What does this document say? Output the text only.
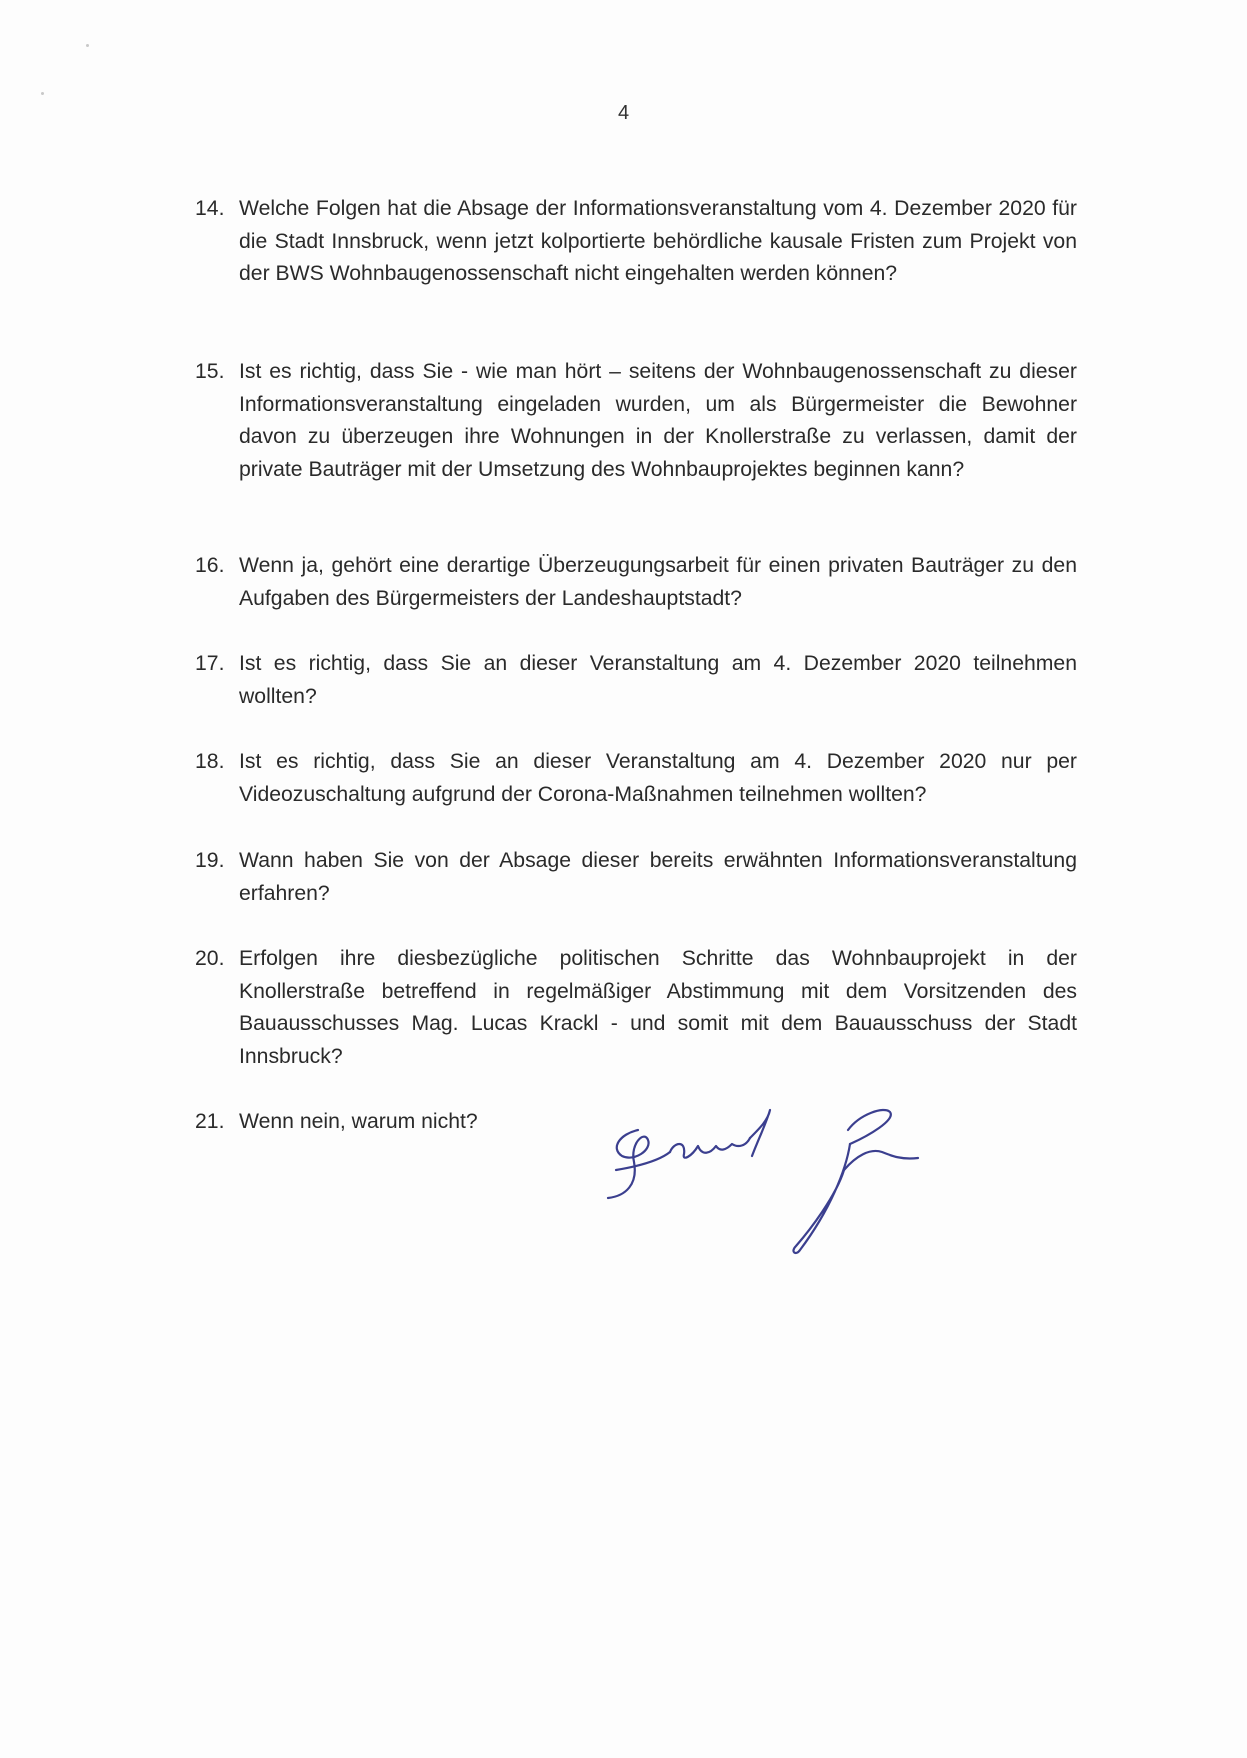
4
14. Welche Folgen hat die Absage der Informationsveranstaltung vom 4. Dezember 2020 für die Stadt Innsbruck, wenn jetzt kolportierte behördliche kausale Fristen zum Projekt von der BWS Wohnbaugenossenschaft nicht eingehalten werden können?
15. Ist es richtig, dass Sie - wie man hört – seitens der Wohnbaugenossenschaft zu dieser Informationsveranstaltung eingeladen wurden, um als Bürgermeister die Bewohner davon zu überzeugen ihre Wohnungen in der Knollerstraße zu verlassen, damit der private Bauträger mit der Umsetzung des Wohnbauprojektes beginnen kann?
16. Wenn ja, gehört eine derartige Überzeugungsarbeit für einen privaten Bauträger zu den Aufgaben des Bürgermeisters der Landeshauptstadt?
17. Ist es richtig, dass Sie an dieser Veranstaltung am 4. Dezember 2020 teilnehmen wollten?
18. Ist es richtig, dass Sie an dieser Veranstaltung am 4. Dezember 2020 nur per Videozuschaltung aufgrund der Corona-Maßnahmen teilnehmen wollten?
19. Wann haben Sie von der Absage dieser bereits erwähnten Informationsveranstaltung erfahren?
20. Erfolgen ihre diesbezügliche politischen Schritte das Wohnbauprojekt in der Knollerstraße betreffend in regelmäßiger Abstimmung mit dem Vorsitzenden des Bauausschusses Mag. Lucas Krackl - und somit mit dem Bauausschuss der Stadt Innsbruck?
21. Wenn nein, warum nicht?
